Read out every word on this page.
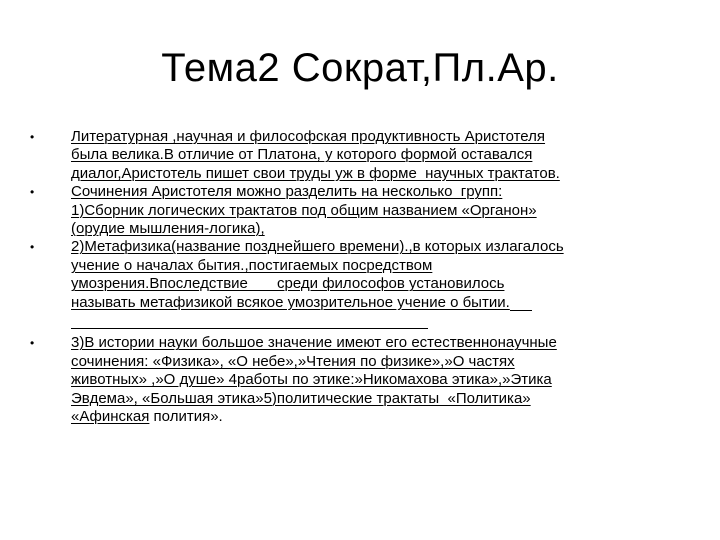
Тема2 Сократ,Пл.Ар.
•	Литературная ,научная и философская продуктивность Аристотеля
была велика.В отличие от Платона, у которого формой оставался
диалог,Аристотель пишет свои труды уж в форме  научных трактатов.
•	Сочинения Аристотеля можно разделить на несколько  групп:
1)Сборник логических трактатов под общим названием «Органон»
(орудие мышления-логика),
•	2)Метафизика(название позднейшего времени).,в которых излагалось
учение о началах бытия.,постигаемых посредством
умозрения.Впоследствие       среди философов установилось
называть метафизикой всякое умозрительное учение о бытии.
•	3)В истории науки большое значение имеют его естественнонаучные
сочинения: «Физика», «О небе»,»Чтения по физике»,»О частях
животных» ,»О душе» 4работы по этике:»Никомахова этика»,»Этика
Эвдема», «Большая этика»5)политические трактаты  «Политика»
«Афинская полития».
